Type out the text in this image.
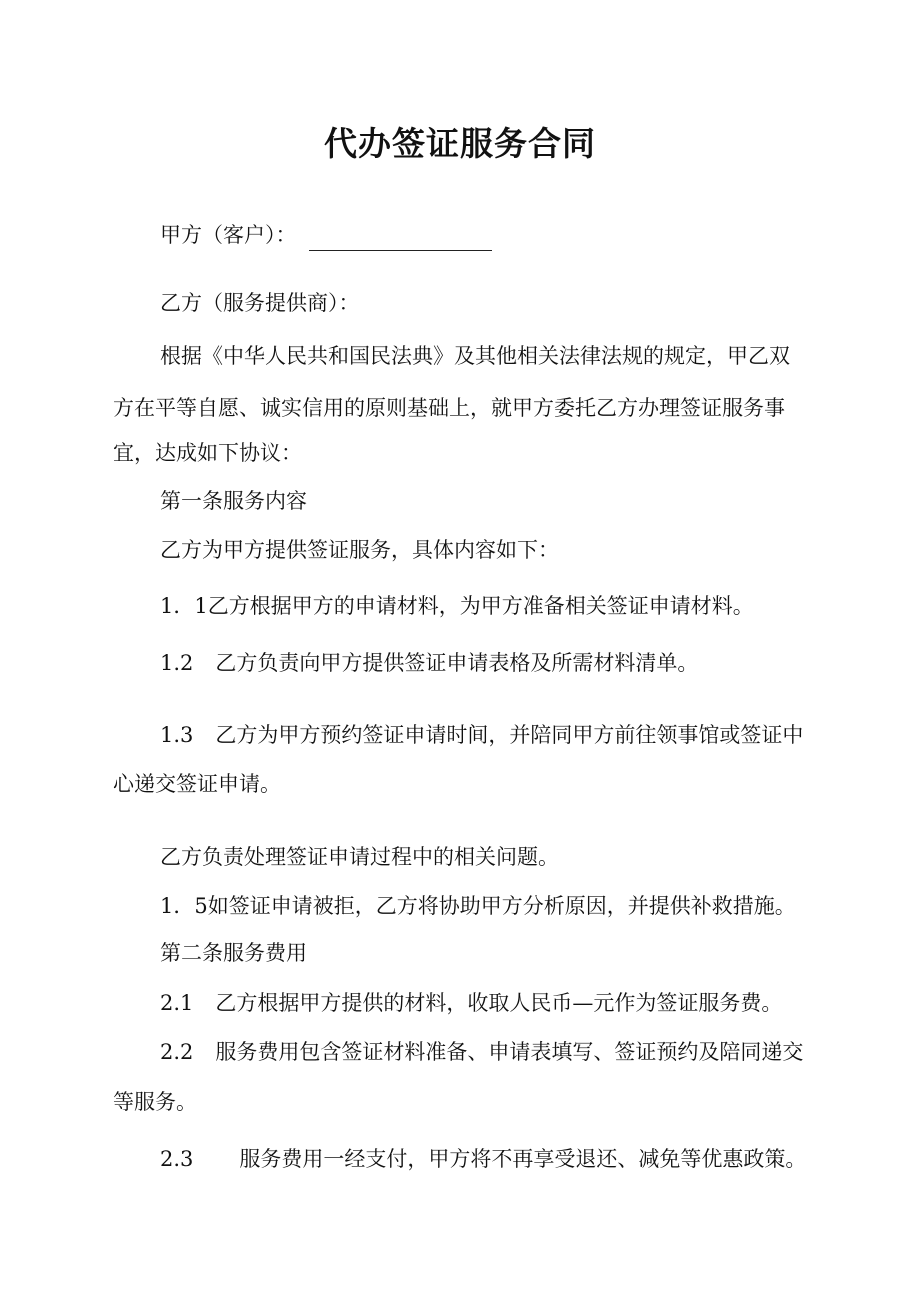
代办签证服务合同

甲方（客户）：

乙方（服务提供商）：

根据《中华人民共和国民法典》及其他相关法律法规的规定，甲乙双

方在平等自愿、诚实信用的原则基础上，就甲方委托乙方办理签证服务事

宜，达成如下协议：

第一条服务内容

乙方为甲方提供签证服务，具体内容如下：

1．1乙方根据甲方的申请材料，为甲方准备相关签证申请材料。

1.2 乙方负责向甲方提供签证申请表格及所需材料清单。

1.3 乙方为甲方预约签证申请时间，并陪同甲方前往领事馆或签证中

心递交签证申请。

乙方负责处理签证申请过程中的相关问题。

1．5如签证申请被拒，乙方将协助甲方分析原因，并提供补救措施。

第二条服务费用

2.1 乙方根据甲方提供的材料，收取人民币—元作为签证服务费。

2.2 服务费用包含签证材料准备、申请表填写、签证预约及陪同递交

等服务。

2.3 服务费用一经支付，甲方将不再享受退还、减免等优惠政策。
